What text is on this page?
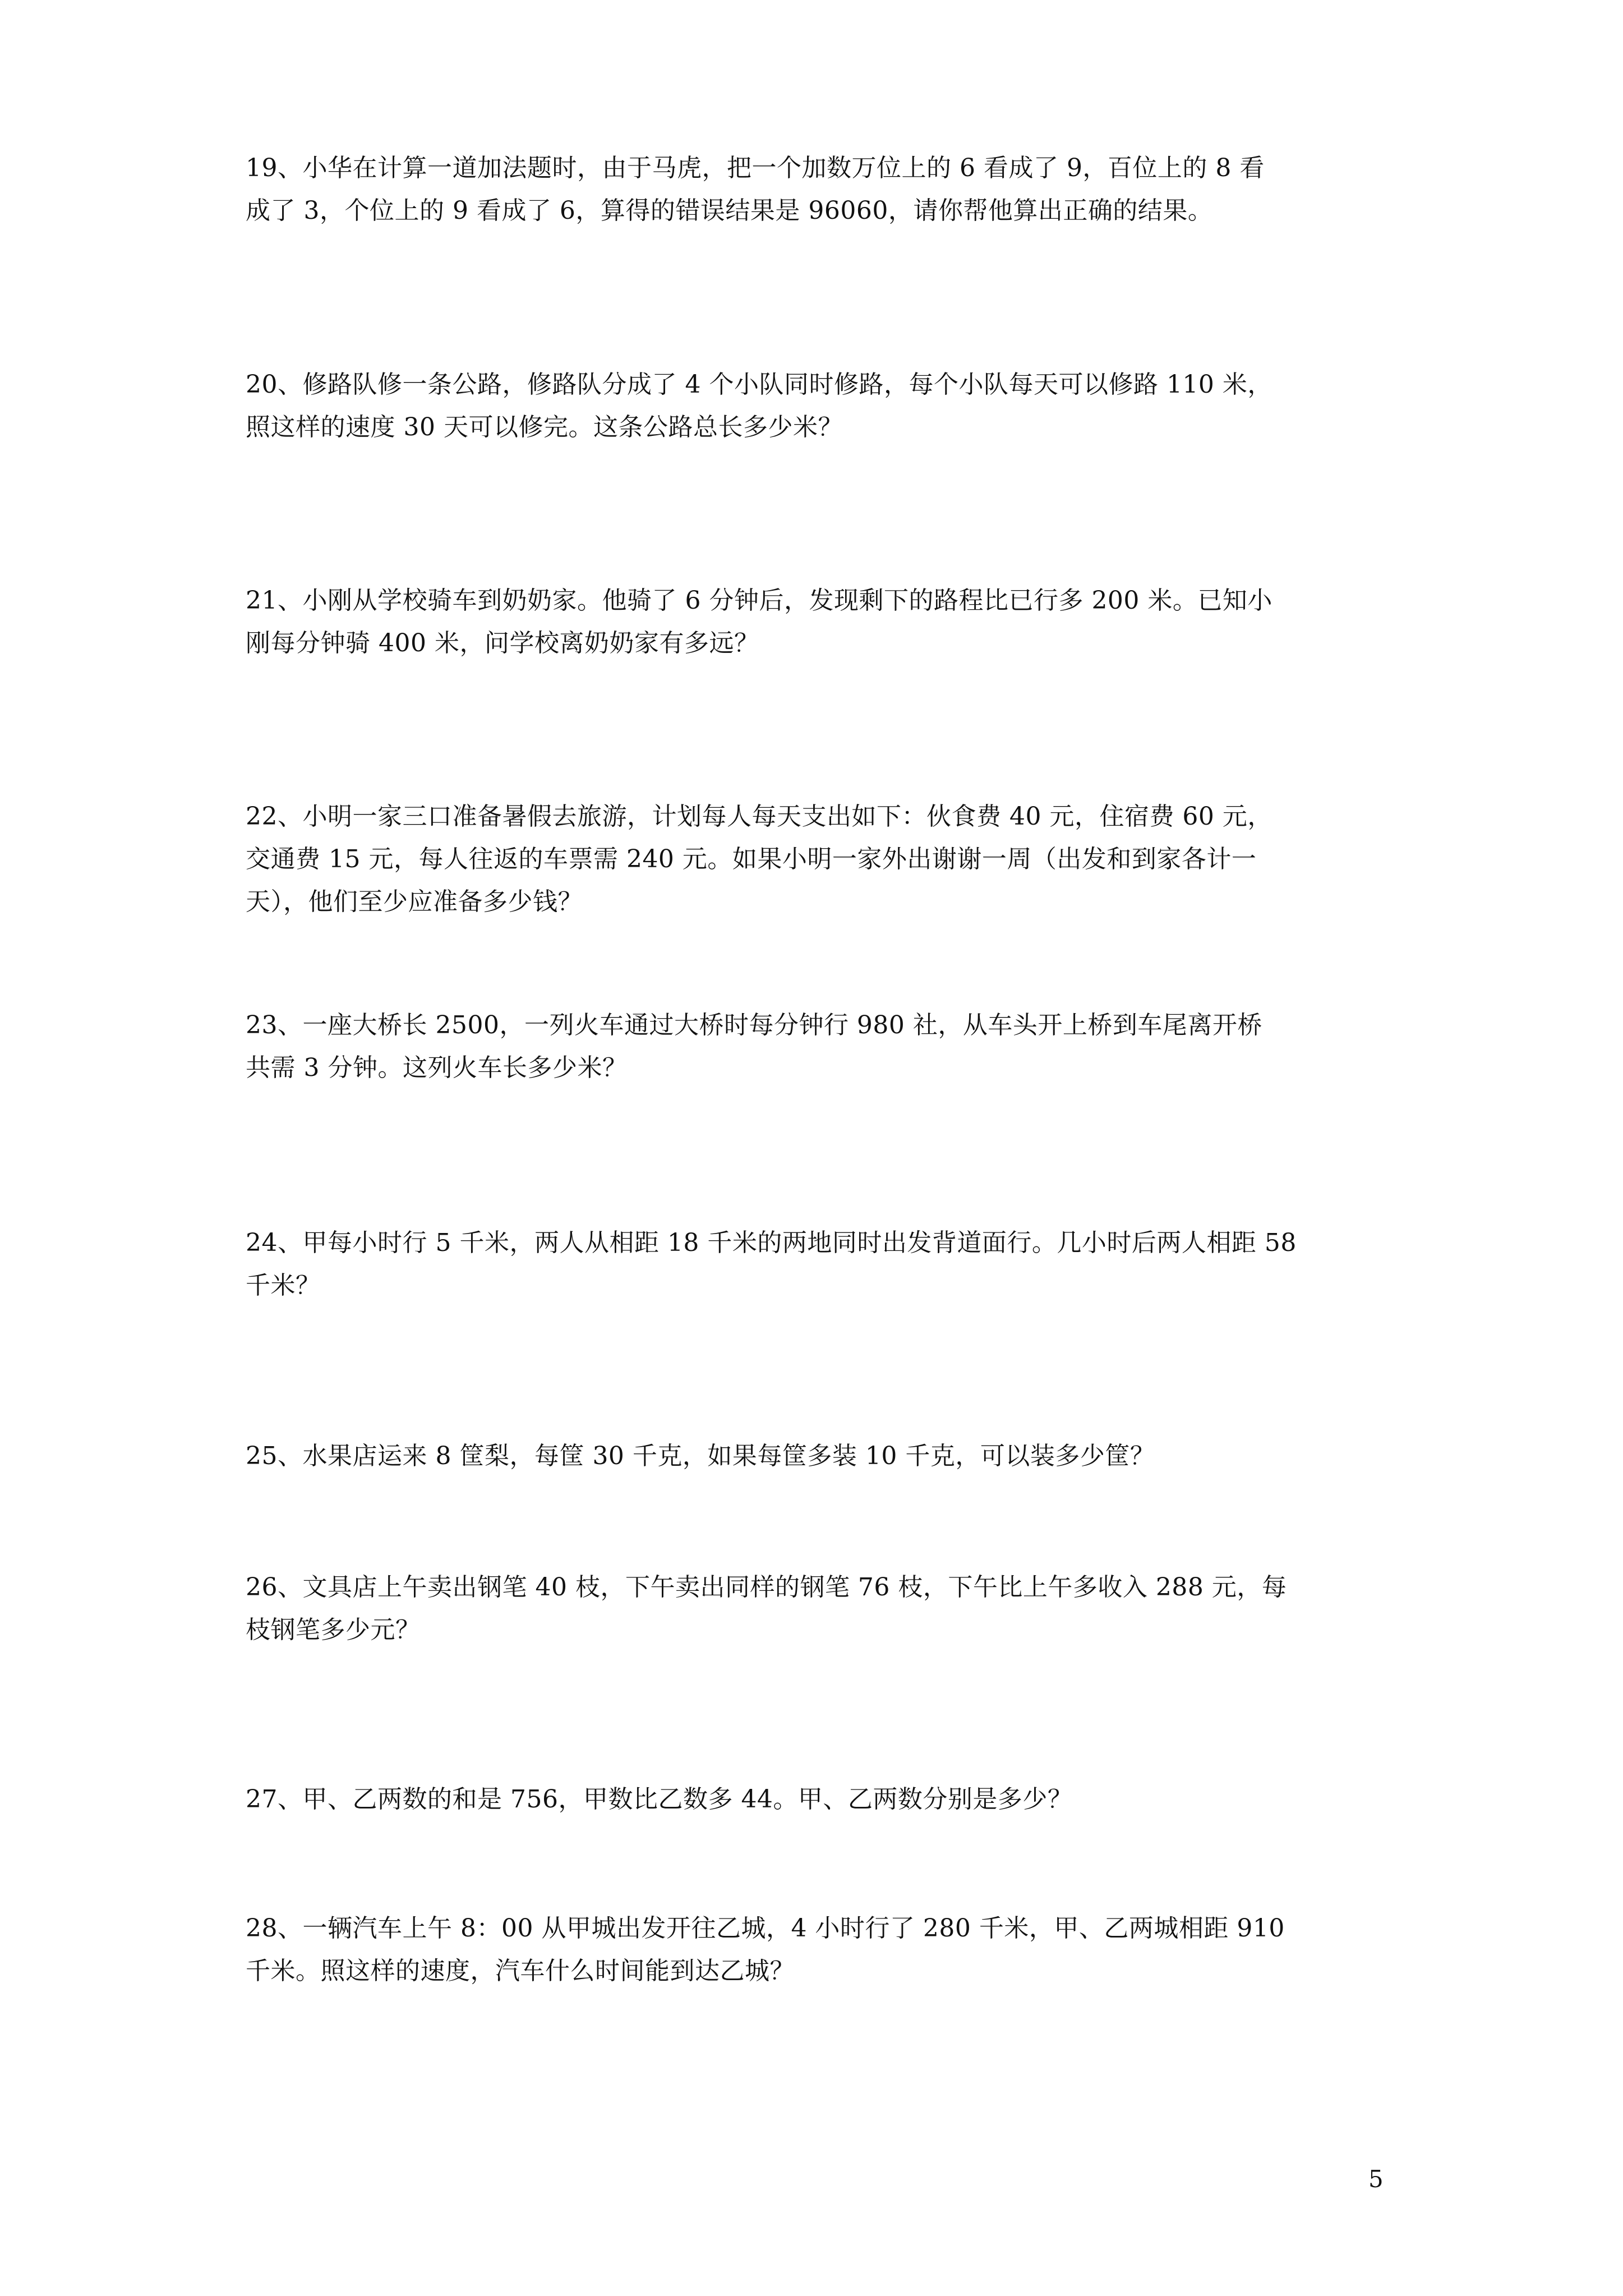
19、小华在计算一道加法题时，由于马虎，把一个加数万位上的 6 看成了 9，百位上的 8 看
成了 3，个位上的 9 看成了 6，算得的错误结果是 96060，请你帮他算出正确的结果。
20、修路队修一条公路，修路队分成了 4 个小队同时修路，每个小队每天可以修路 110 米，
照这样的速度 30 天可以修完。这条公路总长多少米？
21、小刚从学校骑车到奶奶家。他骑了 6 分钟后，发现剩下的路程比已行多 200 米。已知小
刚每分钟骑 400 米，问学校离奶奶家有多远？
22、小明一家三口准备暑假去旅游，计划每人每天支出如下：伙食费 40 元，住宿费 60 元，
交通费 15 元，每人往返的车票需 240 元。如果小明一家外出谢谢一周（出发和到家各计一
天），他们至少应准备多少钱？
23、一座大桥长 2500，一列火车通过大桥时每分钟行 980 社，从车头开上桥到车尾离开桥
共需 3 分钟。这列火车长多少米？
24、甲每小时行 5 千米，两人从相距 18 千米的两地同时出发背道面行。几小时后两人相距 58
千米？
25、水果店运来 8 筐梨，每筐 30 千克，如果每筐多装 10 千克，可以装多少筐？
26、文具店上午卖出钢笔 40 枝，下午卖出同样的钢笔 76 枝，下午比上午多收入 288 元，每
枝钢笔多少元？
27、甲、乙两数的和是 756，甲数比乙数多 44。甲、乙两数分别是多少？
28、一辆汽车上午 8：00 从甲城出发开往乙城，4 小时行了 280 千米，甲、乙两城相距 910
千米。照这样的速度，汽车什么时间能到达乙城？
5
